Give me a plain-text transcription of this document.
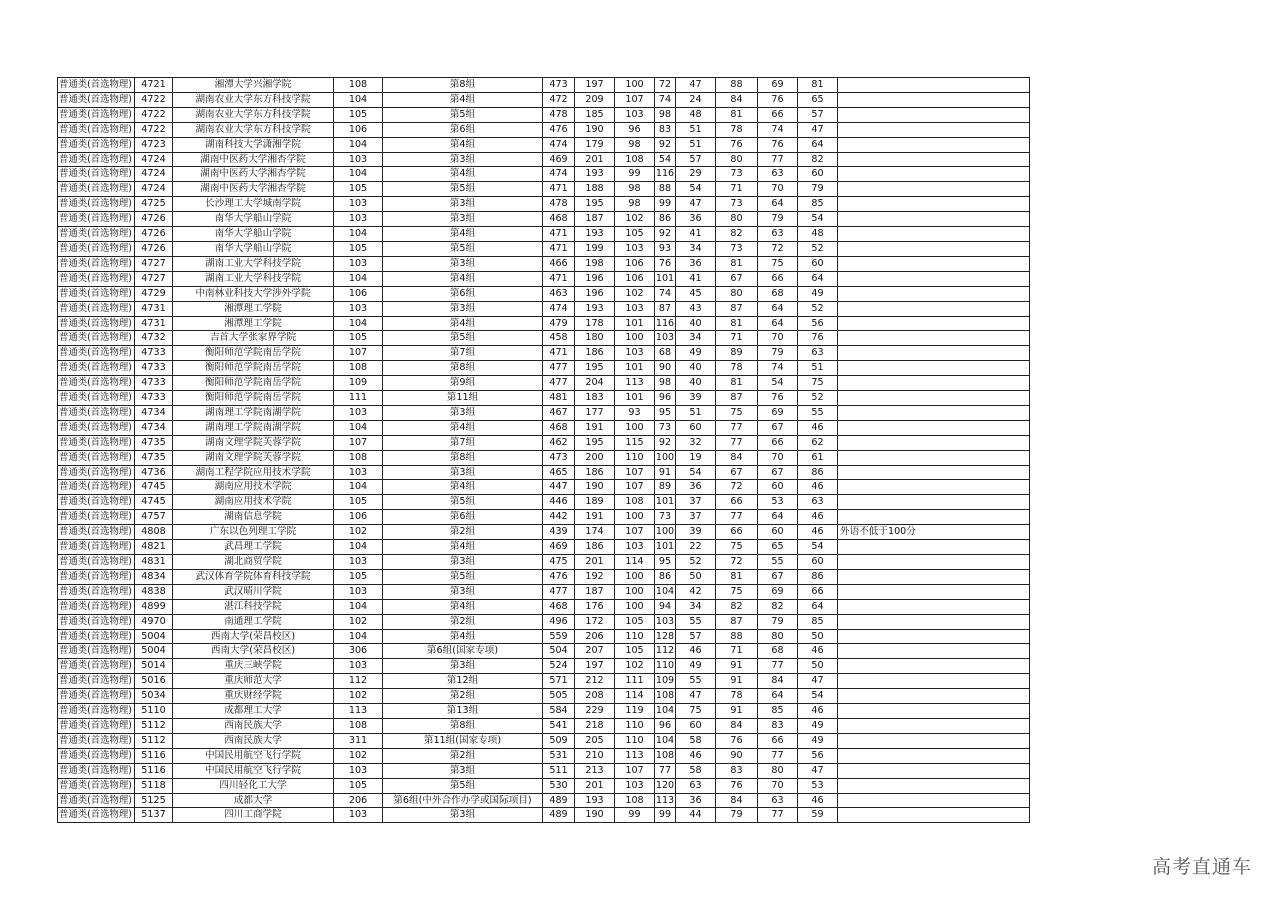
普通类(首选物理)	4721	湘潭大学兴湘学院	108	第8组	473	197	100	72	47	88	69	81	
普通类(首选物理)	4722	湖南农业大学东方科技学院	104	第4组	472	209	107	74	24	84	76	65	
普通类(首选物理)	4722	湖南农业大学东方科技学院	105	第5组	478	185	103	98	48	81	66	57	
普通类(首选物理)	4722	湖南农业大学东方科技学院	106	第6组	476	190	96	83	51	78	74	47	
普通类(首选物理)	4723	湖南科技大学潇湘学院	104	第4组	474	179	98	92	51	76	76	64	
普通类(首选物理)	4724	湖南中医药大学湘杏学院	103	第3组	469	201	108	54	57	80	77	82	
普通类(首选物理)	4724	湖南中医药大学湘杏学院	104	第4组	474	193	99	116	29	73	63	60	
普通类(首选物理)	4724	湖南中医药大学湘杏学院	105	第5组	471	188	98	88	54	71	70	79	
普通类(首选物理)	4725	长沙理工大学城南学院	103	第3组	478	195	98	99	47	73	64	85	
普通类(首选物理)	4726	南华大学船山学院	103	第3组	468	187	102	86	36	80	79	54	
普通类(首选物理)	4726	南华大学船山学院	104	第4组	471	193	105	92	41	82	63	48	
普通类(首选物理)	4726	南华大学船山学院	105	第5组	471	199	103	93	34	73	72	52	
普通类(首选物理)	4727	湖南工业大学科技学院	103	第3组	466	198	106	76	36	81	75	60	
普通类(首选物理)	4727	湖南工业大学科技学院	104	第4组	471	196	106	101	41	67	66	64	
普通类(首选物理)	4729	中南林业科技大学涉外学院	106	第6组	463	196	102	74	45	80	68	49	
普通类(首选物理)	4731	湘潭理工学院	103	第3组	474	193	103	87	43	87	64	52	
普通类(首选物理)	4731	湘潭理工学院	104	第4组	479	178	101	116	40	81	64	56	
普通类(首选物理)	4732	吉首大学张家界学院	105	第5组	458	180	100	103	34	71	70	76	
普通类(首选物理)	4733	衡阳师范学院南岳学院	107	第7组	471	186	103	68	49	89	79	63	
普通类(首选物理)	4733	衡阳师范学院南岳学院	108	第8组	477	195	101	90	40	78	74	51	
普通类(首选物理)	4733	衡阳师范学院南岳学院	109	第9组	477	204	113	98	40	81	54	75	
普通类(首选物理)	4733	衡阳师范学院南岳学院	111	第11组	481	183	101	96	39	87	76	52	
普通类(首选物理)	4734	湖南理工学院南湖学院	103	第3组	467	177	93	95	51	75	69	55	
普通类(首选物理)	4734	湖南理工学院南湖学院	104	第4组	468	191	100	73	60	77	67	46	
普通类(首选物理)	4735	湖南文理学院芙蓉学院	107	第7组	462	195	115	92	32	77	66	62	
普通类(首选物理)	4735	湖南文理学院芙蓉学院	108	第8组	473	200	110	100	19	84	70	61	
普通类(首选物理)	4736	湖南工程学院应用技术学院	103	第3组	465	186	107	91	54	67	67	86	
普通类(首选物理)	4745	湖南应用技术学院	104	第4组	447	190	107	89	36	72	60	46	
普通类(首选物理)	4745	湖南应用技术学院	105	第5组	446	189	108	101	37	66	53	63	
普通类(首选物理)	4757	湖南信息学院	106	第6组	442	191	100	73	37	77	64	46	
普通类(首选物理)	4808	广东以色列理工学院	102	第2组	439	174	107	100	39	66	60	46	外语不低于100分
普通类(首选物理)	4821	武昌理工学院	104	第4组	469	186	103	101	22	75	65	54	
普通类(首选物理)	4831	湖北商贸学院	103	第3组	475	201	114	95	52	72	55	60	
普通类(首选物理)	4834	武汉体育学院体育科技学院	105	第5组	476	192	100	86	50	81	67	86	
普通类(首选物理)	4838	武汉晴川学院	103	第3组	477	187	100	104	42	75	69	66	
普通类(首选物理)	4899	湛江科技学院	104	第4组	468	176	100	94	34	82	82	64	
普通类(首选物理)	4970	南通理工学院	102	第2组	496	172	105	103	55	87	79	85	
普通类(首选物理)	5004	西南大学(荣昌校区)	104	第4组	559	206	110	128	57	88	80	50	
普通类(首选物理)	5004	西南大学(荣昌校区)	306	第6组(国家专项)	504	207	105	112	46	71	68	46	
普通类(首选物理)	5014	重庆三峡学院	103	第3组	524	197	102	110	49	91	77	50	
普通类(首选物理)	5016	重庆师范大学	112	第12组	571	212	111	109	55	91	84	47	
普通类(首选物理)	5034	重庆财经学院	102	第2组	505	208	114	108	47	78	64	54	
普通类(首选物理)	5110	成都理工大学	113	第13组	584	229	119	104	75	91	85	46	
普通类(首选物理)	5112	西南民族大学	108	第8组	541	218	110	96	60	84	83	49	
普通类(首选物理)	5112	西南民族大学	311	第11组(国家专项)	509	205	110	104	58	76	66	49	
普通类(首选物理)	5116	中国民用航空飞行学院	102	第2组	531	210	113	108	46	90	77	56	
普通类(首选物理)	5116	中国民用航空飞行学院	103	第3组	511	213	107	77	58	83	80	47	
普通类(首选物理)	5118	四川轻化工大学	105	第5组	530	201	103	120	63	76	70	53	
普通类(首选物理)	5125	成都大学	206	第6组(中外合作办学或国际项目)	489	193	108	113	36	84	63	46	
普通类(首选物理)	5137	四川工商学院	103	第3组	489	190	99	99	44	79	77	59	
高考直通车
